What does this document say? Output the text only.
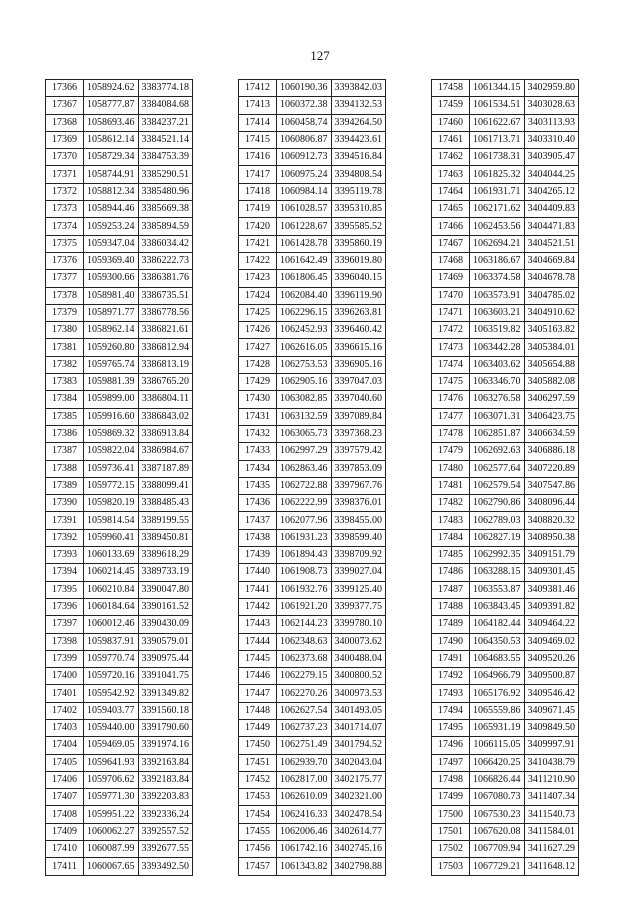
127
17366	1058924.62	3383774.18
17367	1058777.87	3384084.68
17368	1058693.46	3384237.21
17369	1058612.14	3384521.14
17370	1058729.34	3384753.39
17371	1058744.91	3385290.51
17372	1058812.34	3385480.96
17373	1058944.46	3385669.38
17374	1059253.24	3385894.59
17375	1059347.04	3386034.42
17376	1059369.40	3386222.73
17377	1059300.66	3386381.76
17378	1058981.40	3386735.51
17379	1058971.77	3386778.56
17380	1058962.14	3386821.61
17381	1059260.80	3386812.94
17382	1059765.74	3386813.19
17383	1059881.39	3386765.20
17384	1059899.00	3386804.11
17385	1059916.60	3386843.02
17386	1059869.32	3386913.84
17387	1059822.04	3386984.67
17388	1059736.41	3387187.89
17389	1059772.15	3388099.41
17390	1059820.19	3388485.43
17391	1059814.54	3389199.55
17392	1059960.41	3389450.81
17393	1060133.69	3389618.29
17394	1060214.45	3389733.19
17395	1060210.84	3390047.80
17396	1060184.64	3390161.52
17397	1060012.46	3390430.09
17398	1059837.91	3390579.01
17399	1059770.74	3390975.44
17400	1059720.16	3391041.75
17401	1059542.92	3391349.82
17402	1059403.77	3391560.18
17403	1059440.00	3391790.60
17404	1059469.05	3391974.16
17405	1059641.93	3392163.84
17406	1059706.62	3392183.84
17407	1059771.30	3392203.83
17408	1059951.22	3392336.24
17409	1060062.27	3392557.52
17410	1060087.99	3392677.55
17411	1060067.65	3393492.50
17412	1060190.36	3393842.03
17413	1060372.38	3394132.53
17414	1060458.74	3394264.50
17415	1060806.87	3394423.61
17416	1060912.73	3394516.84
17417	1060975.24	3394808.54
17418	1060984.14	3395119.78
17419	1061028.57	3395310.85
17420	1061228.67	3395585.52
17421	1061428.78	3395860.19
17422	1061642.49	3396019.80
17423	1061806.45	3396040.15
17424	1062084.40	3396119.90
17425	1062296.15	3396263.81
17426	1062452.93	3396460.42
17427	1062616.05	3396615.16
17428	1062753.53	3396905.16
17429	1062905.16	3397047.03
17430	1063082.85	3397040.60
17431	1063132.59	3397089.84
17432	1063065.73	3397368.23
17433	1062997.29	3397579.42
17434	1062863.46	3397853.09
17435	1062722.88	3397967.76
17436	1062222.99	3398376.01
17437	1062077.96	3398455.00
17438	1061931.23	3398599.40
17439	1061894.43	3398709.92
17440	1061908.73	3399027.04
17441	1061932.76	3399125.40
17442	1061921.20	3399377.75
17443	1062144.23	3399780.10
17444	1062348.63	3400073.62
17445	1062373.68	3400488.04
17446	1062279.15	3400800.52
17447	1062270.26	3400973.53
17448	1062627.54	3401493.05
17449	1062737.23	3401714.07
17450	1062751.49	3401794.52
17451	1062939.70	3402043.04
17452	1062817.00	3402175.77
17453	1062610.09	3402321.00
17454	1062416.33	3402478.54
17455	1062006.46	3402614.77
17456	1061742.16	3402745.16
17457	1061343.82	3402798.88
17458	1061344.15	3402959.80
17459	1061534.51	3403028.63
17460	1061622.67	3403113.93
17461	1061713.71	3403310.40
17462	1061738.31	3403905.47
17463	1061825.32	3404044.25
17464	1061931.71	3404265.12
17465	1062171.62	3404409.83
17466	1062453.56	3404471.83
17467	1062694.21	3404521.51
17468	1063186.67	3404669.84
17469	1063374.58	3404678.78
17470	1063573.91	3404785.02
17471	1063603.21	3404910.62
17472	1063519.82	3405163.82
17473	1063442.28	3405384.01
17474	1063403.62	3405654.88
17475	1063346.70	3405882.08
17476	1063276.58	3406297.59
17477	1063071.31	3406423.75
17478	1062851.87	3406634.59
17479	1062692.63	3406886.18
17480	1062577.64	3407220.89
17481	1062579.54	3407547.86
17482	1062790.86	3408096.44
17483	1062789.03	3408820.32
17484	1062827.19	3408950.38
17485	1062992.35	3409151.79
17486	1063288.15	3409301.45
17487	1063553.87	3409381.46
17488	1063843.45	3409391.82
17489	1064182.44	3409464.22
17490	1064350.53	3409469.02
17491	1064683.55	3409520.26
17492	1064966.79	3409500.87
17493	1065176.92	3409546.42
17494	1065559.86	3409671.45
17495	1065931.19	3409849.50
17496	1066115.05	3409997.91
17497	1066420.25	3410438.79
17498	1066826.44	3411210.90
17499	1067080.73	3411407.34
17500	1067530.23	3411540.73
17501	1067620.08	3411584.01
17502	1067709.94	3411627.29
17503	1067729.21	3411648.12
